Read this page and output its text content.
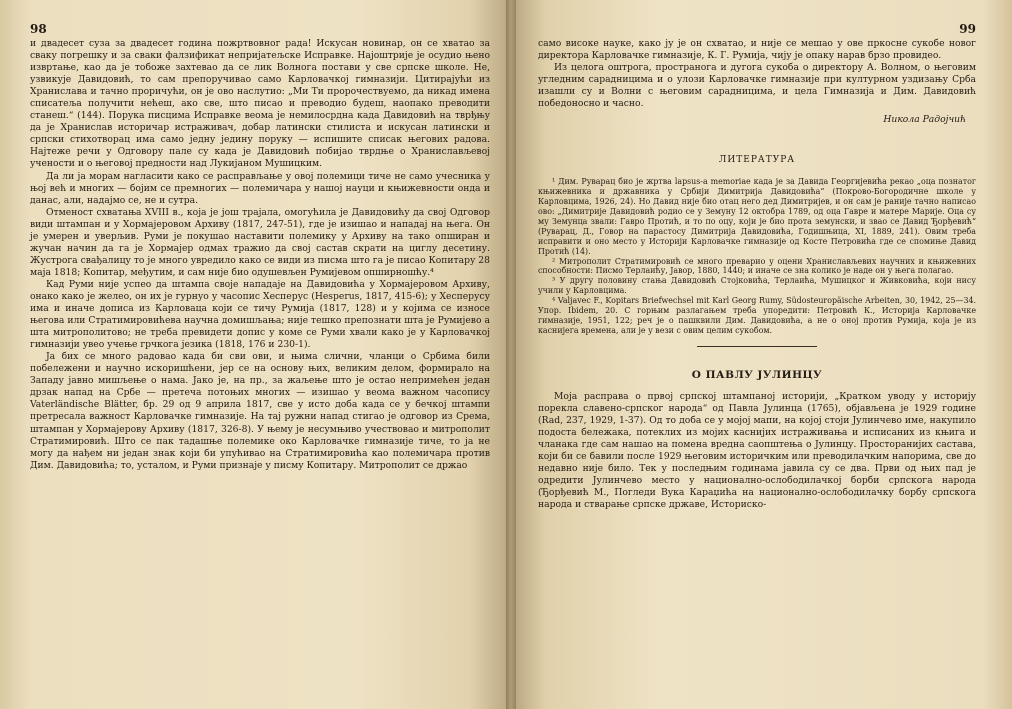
98

и двадесет суза за двадесет година пожртвовног рада! Искусан новинар, он се хватао за сваку погрешку и за сваки фалзификат непријатељске Исправке. Најоштрије је осудио њено извртање, као да је тобоже захтевао да се лик Волнога постави у све српске школе. Не, узвикује Давидовић, то сам препоручивао само Карловачкој гимназији. Цитирајући из Хранислава и тачно проричући, он је ово наслутио: „Ми Ти пророчествуемо, да никад имена списатеља получити нећеш, ако све, што писао и преводио будеш, наопако преводити станеш.“ (144). Порука писцима Исправке веома је немилосрдна када Давидовић на тврђњу да је Хранислав историчар истраживач, добар латински стилиста и искусан латински и српски стихотворац има само једну једину поруку — испишите списак његових радова. Најтеже речи у Одговору пале су када је Давидовић побијао тврдње о Хранислављевој учености и о његовој предности над Лукијаном Мушицким.

Да ли ја морам нагласити како се расправљање у овој полемици тиче не само учесника у њој већ и многих — бојим се премногих — полемичара у нашој науци и књижевности онда и данас, али, надајмо се, не и сутра.

Отменост схватања XVIII в., која је још трајала, омогућила је Давидовићу да свој Одговор види штампан и у Хормајеровом Архиву (1817, 247-51), где је изишао и нападај на њега. Он је умерен и уверљив. Руми је покушао наставити полемику у Архиву на тако опширан и жучан начин да га је Хормајер одмах тражио да свој састав скрати на циглу десетину. Жустрога свађалицу то је много увредило како се види из писма што га је писао Копитару 28 маја 1818; Копитар, међутим, и сам није био одушевљен Румијевом опширношћу.⁴

Кад Руми није успео да штампа своје нападаје на Давидовића у Хормајеровом Архиву, онако како је желео, он их је гурнуо у часопис Хесперус (Hesperus, 1817, 415-6); у Хесперусу има и иначе дописа из Карловаца који се тичу Румија (1817, 128) и у којима се износе његова или Стратимировићева научна домишљања; није тешко препознати шта је Румијево а шта митрополитово; не треба превидети допис у коме се Руми хвали како је у Карловачкој гимназији увео учење грчкога језика (1818, 176 и 230-1).

Ја бих се много радовао када би сви ови, и њима слични, чланци о Србима били побележени и научно искоришћени, јер се на основу њих, великим делом, формирало на Западу јавно мишљење о нама. Јако је, на пр., за жаљење што је остао непримећен један дрзак напад на Србе — претеча потоњих многих — изишао у веома важном часопису Vaterländische Blätter, бр. 29 од 9 априла 1817, све у исто доба када се у бечкој штампи претресала важност Карловачке гимназије. На тај ружни напад стигао је одговор из Срема, штампан у Хормајерову Архиву (1817, 326-8). У њему је несумњиво учествовао и митрополит Стратимировић. Што се пак тадашње полемике око Карловачке гимназије тиче, то ја не могу да нађем ни један знак који би упућивао на Стратимировића као полемичара против Дим. Давидовића; то, усталом, и Руми признаје у писму Копитару. Митрополит се држао

99

само високе науке, како ју је он схватао, и није се мешао у ове пркосне сукобе новог директора Карловачке гимназије, К. Г. Румија, чију је опаку нарав брзо провидео.

Из целога оштрога, пространога и дугога сукоба о директору А. Волном, о његовим угледним сарадницима и о улози Карловачке гимназије при културном уздизању Срба изашли су и Волни с његовим сарадницима, и цела Гимназија и Дим. Давидовић победоносно и часно.

Никола Радојчић
ЛИТЕРАТУРА

¹ Дим. Руварац био је жртва lapsus-a memoriae када је за Давида Георгијевића рекао „оца познатог књижевника и државника у Србији Димитрија Давидовића“ (Покрово-Богородичне школе у Карловцима, 1926, 24). Но Давид није био отац него дед Димитријев, и он сам је раније тачно написао ово: „Димитрије Давидовић родио се у Земуну 12 октобра 1789, од оца Гавре и матере Марије. Оца су му Земунца звали: Гавро Протић, и то по оцу, који је био прота земунски, и звао се Давид Ђорђевић“ (Руварац, Д., Говор на парастосу Димитрија Давидовића, Годишњица, XI, 1889, 241). Овим треба исправити и оно место у Историји Карловачке гимназије од Косте Петровића где се спомиње Давид Протић (14).

² Митрополит Стратимировић се много преварио у оцени Хранислављевих научних и књижевних способности: Писмо Терлаићу, Јавор, 1880, 1440; и иначе се зна колико је наде он у њега полагао.

³ У другу половину стања Давидовић Стојковића, Терлаића, Мушицког и Живковића, који нису учили у Карловцима.

⁴ Valjavec F., Kopitars Briefwechsel mit Karl Georg Rumy, Südosteuropäische Arbeiten, 30, 1942, 25—34. Упор. Ibidem, 20. С горњим разлагањем треба упоредити: Петровић К., Историја Карловачке гимназије, 1951, 122; реч је о пашквили Дим. Давидовића, а не о оној против Румија, која је из каснијега времена, али је у вези с овим целим сукобом.

О ПАВЛУ ЈУЛИНЦУ

Моја расправа о првој српској штампаној историји, „Кратком уводу у историју порекла славено-српског народа“ од Павла Јулинца (1765), објављена је 1929 године (Rad, 237, 1929, 1-37). Од то доба се у мојој мапи, на којој стоји Јулинчево име, накупило подоста бележака, потеклих из мојих каснијих истраживања и исписаних из књига и чланака где сам нашао на помена вредна саопштења о Јулинцу. Просторанијих састава, који би се бавили после 1929 његовим историчким или преводилачким напорима, све до недавно није било. Тек у последњим годинама јавила су се два. Први од њих пад је одредити Јулинчево место у национално-ослободилачкој борби српскога народа (Ђорђевић М., Погледи Вука Караџића на национално-ослободилачку борбу српскога народа и стварање српске државе, Историско-
